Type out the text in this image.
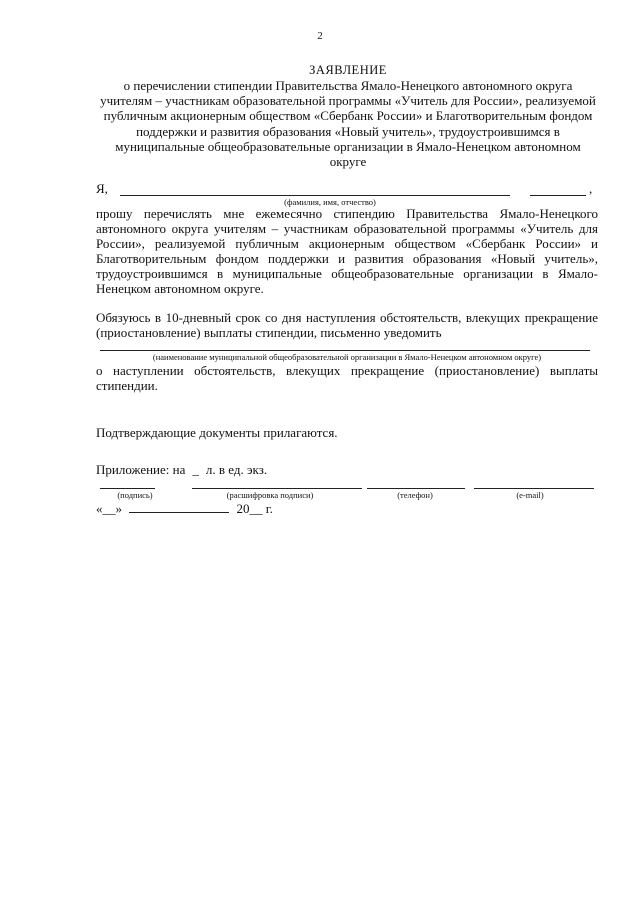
2
ЗАЯВЛЕНИЕ
о перечислении стипендии Правительства Ямало-Ненецкого автономного округа учителям – участникам образовательной программы «Учитель для России», реализуемой публичным акционерным обществом «Сбербанк России» и Благотворительным фондом поддержки и развития образования «Новый учитель», трудоустроившимся в муниципальные общеобразовательные организации в Ямало-Ненецком автономном округе
Я,	,
(фамилия, имя, отчество)
прошу перечислять мне ежемесячно стипендию Правительства Ямало-Ненецкого автономного округа учителям – участникам образовательной программы «Учитель для России», реализуемой публичным акционерным обществом «Сбербанк России» и Благотворительным фондом поддержки и развития образования «Новый учитель», трудоустроившимся в муниципальные общеобразовательные организации в Ямало-Ненецком автономном округе.
Обязуюсь в 10-дневный срок со дня наступления обстоятельств, влекущих прекращение (приостановление) выплаты стипендии, письменно уведомить
(наименование муниципальной общеобразовательной организации в Ямало-Ненецком автономном округе)
о наступлении обстоятельств, влекущих прекращение (приостановление) выплаты стипендии.
Подтверждающие документы прилагаются.
Приложение: на _ л. в ед. экз.
(подпись)	(расшифровка подписи)	(телефон)	(e-mail)
«__»	20__ г.
